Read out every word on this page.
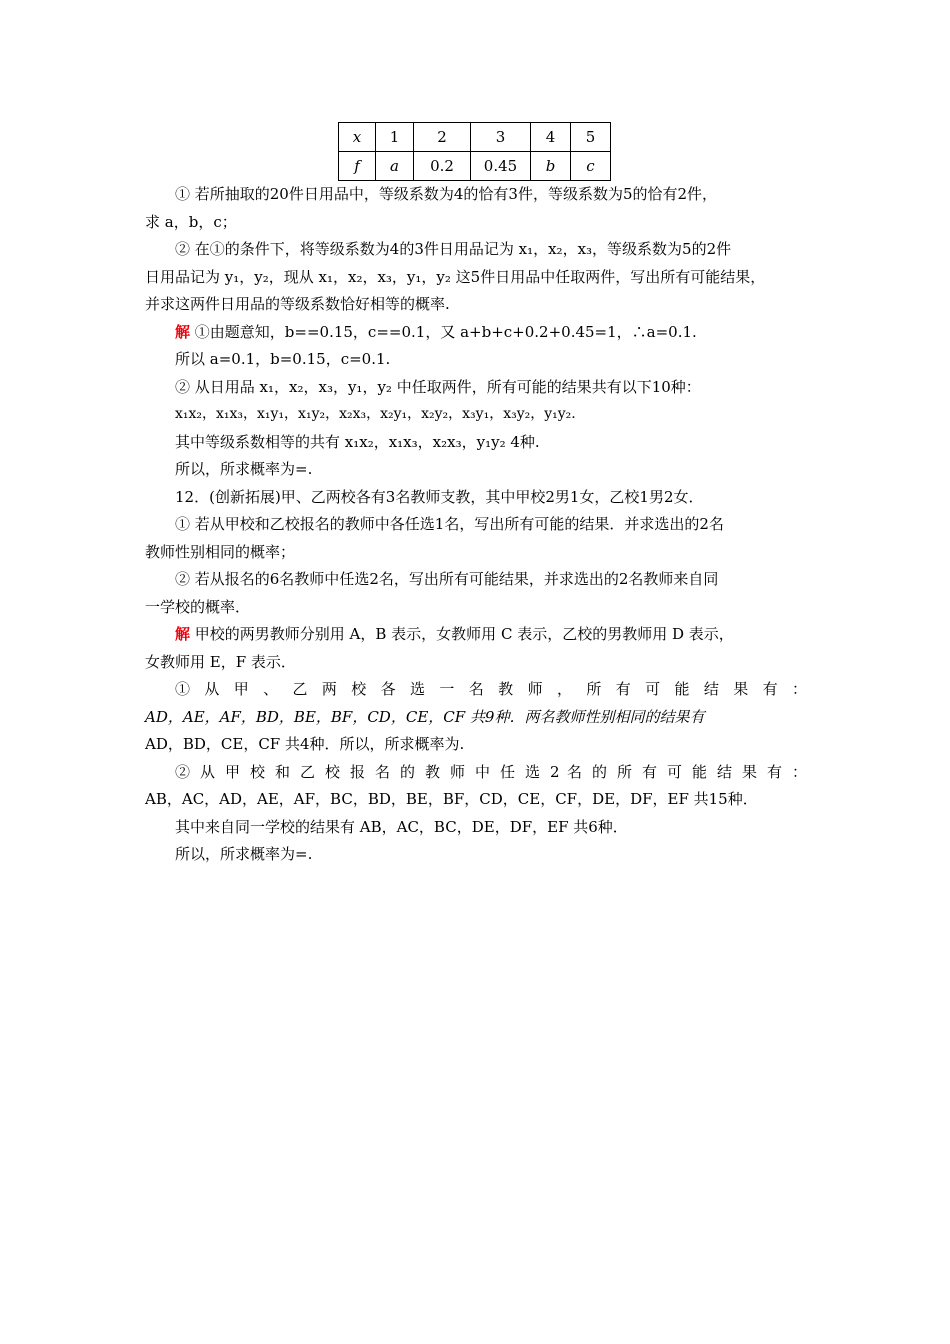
x	1	2	3	4	5
f	a	0.2	0.45	b	c

① 若所抽取的20件日用品中，等级系数为4的恰有3件，等级系数为5的恰有2件，

求 a，b，c；

② 在①的条件下，将等级系数为4的3件日用品记为 x₁，x₂，x₃，等级系数为5的2件

日用品记为 y₁，y₂，现从 x₁，x₂，x₃，y₁，y₂ 这5件日用品中任取两件，写出所有可能结果，

并求这两件日用品的等级系数恰好相等的概率.

解 ①由题意知，b==0.15，c==0.1，又 a+b+c+0.2+0.45=1，∴a=0.1.

所以 a=0.1，b=0.15，c=0.1.

② 从日用品 x₁，x₂，x₃，y₁，y₂ 中任取两件，所有可能的结果共有以下10种：

x₁x₂，x₁x₃，x₁y₁，x₁y₂，x₂x₃，x₂y₁，x₂y₂，x₃y₁，x₃y₂，y₁y₂.

其中等级系数相等的共有 x₁x₂，x₁x₃，x₂x₃，y₁y₂ 4种.

所以，所求概率为=.

12．(创新拓展)甲、乙两校各有3名教师支教，其中甲校2男1女，乙校1男2女．

① 若从甲校和乙校报名的教师中各任选1名，写出所有可能的结果．并求选出的2名

教师性别相同的概率；

② 若从报名的6名教师中任选2名，写出所有可能结果，并求选出的2名教师来自同

一学校的概率．

解 甲校的两男教师分别用 A，B 表示，女教师用 C 表示，乙校的男教师用 D 表示，

女教师用 E，F 表示．

① 从 甲 、 乙 两 校 各 选 一 名 教 师 ， 所 有 可 能 结 果 有 ：

AD，AE，AF，BD，BE，BF，CD，CE，CF 共9种．两名教师性别相同的结果有

AD，BD，CE，CF 共4种．所以，所求概率为.

② 从 甲 校 和 乙 校 报 名 的 教 师 中 任 选 2 名 的 所 有 可 能 结 果 有 ：

AB，AC，AD，AE，AF，BC，BD，BE，BF，CD，CE，CF，DE，DF，EF 共15种．

其中来自同一学校的结果有 AB，AC，BC，DE，DF，EF 共6种．

所以，所求概率为=.
